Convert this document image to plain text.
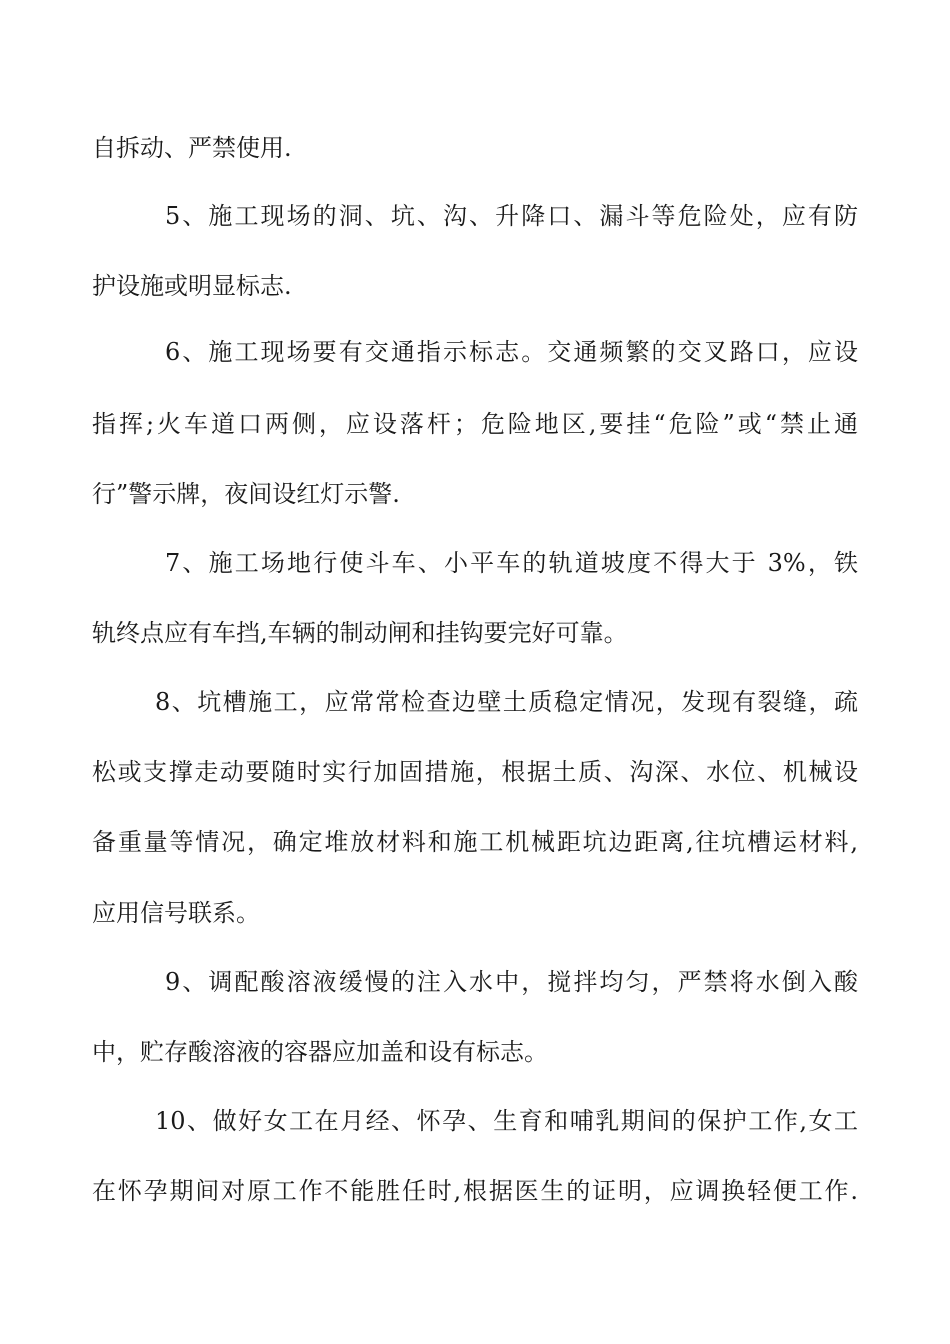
自拆动、严禁使用.
5、施工现场的洞、坑、沟、升降口、漏斗等危险处，应有防
护设施或明显标志.
6、施工现场要有交通指示标志。交通频繁的交叉路口，应设
指挥;火车道口两侧，应设落杆；危险地区,要挂“危险”或“禁止通
行”警示牌，夜间设红灯示警.
7、施工场地行使斗车、小平车的轨道坡度不得大于 3%，铁
轨终点应有车挡,车辆的制动闸和挂钩要完好可靠。
8、坑槽施工，应常常检查边壁土质稳定情况，发现有裂缝，疏
松或支撑走动要随时实行加固措施，根据土质、沟深、水位、机械设
备重量等情况，确定堆放材料和施工机械距坑边距离,往坑槽运材料,
应用信号联系。
9、调配酸溶液缓慢的注入水中，搅拌均匀，严禁将水倒入酸
中，贮存酸溶液的容器应加盖和设有标志。
10、做好女工在月经、怀孕、生育和哺乳期间的保护工作,女工
在怀孕期间对原工作不能胜任时,根据医生的证明，应调换轻便工作.
